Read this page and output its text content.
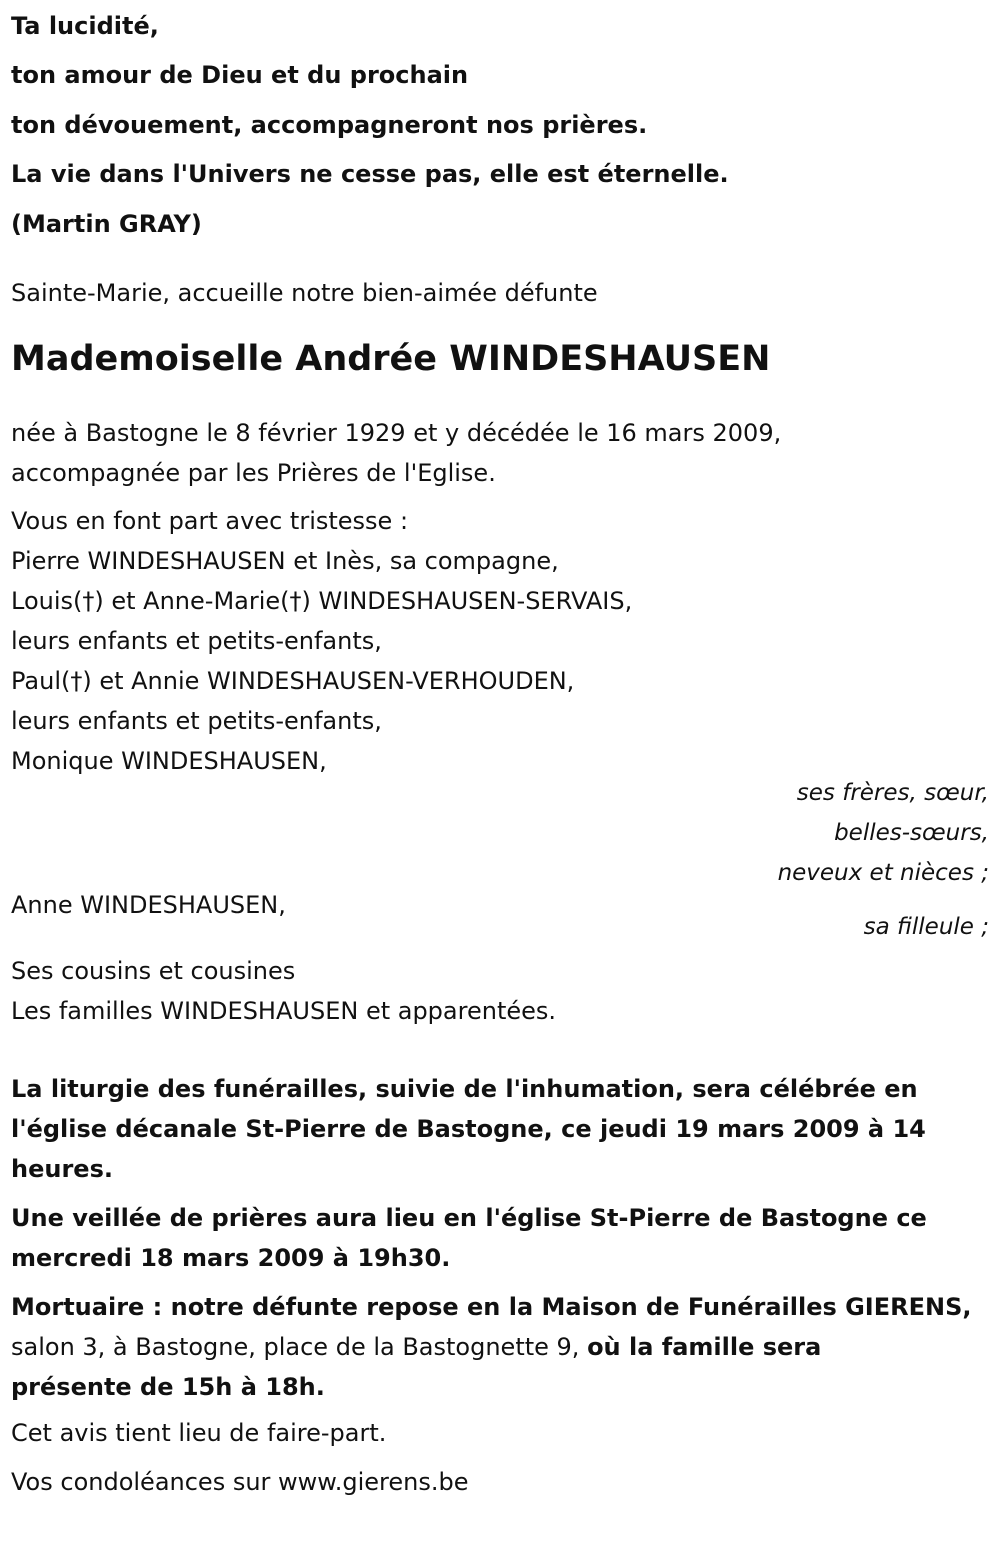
Ta lucidité,
ton amour de Dieu et du prochain
ton dévouement, accompagneront nos prières.
La vie dans l'Univers ne cesse pas, elle est éternelle.
(Martin GRAY)
Sainte-Marie, accueille notre bien-aimée défunte
Mademoiselle Andrée WINDESHAUSEN
née à Bastogne le 8 février 1929 et y décédée le 16 mars 2009,
accompagnée par les Prières de l'Eglise.
Vous en font part avec tristesse :
Pierre WINDESHAUSEN et Inès, sa compagne,
Louis(†) et Anne-Marie(†) WINDESHAUSEN-SERVAIS,
leurs enfants et petits-enfants,
Paul(†) et Annie WINDESHAUSEN-VERHOUDEN,
leurs enfants et petits-enfants,
Monique WINDESHAUSEN,
ses frères, sœur,
belles-sœurs,
neveux et nièces ;
Anne WINDESHAUSEN,
sa filleule ;
Ses cousins et cousines
Les familles WINDESHAUSEN et apparentées.
La liturgie des funérailles, suivie de l'inhumation, sera célébrée en
l'église décanale St-Pierre de Bastogne, ce jeudi 19 mars 2009 à 14
heures.
Une veillée de prières aura lieu en l'église St-Pierre de Bastogne ce
mercredi 18 mars 2009 à 19h30.
Mortuaire : notre défunte repose en la Maison de Funérailles GIERENS,
salon 3, à Bastogne, place de la Bastognette 9, où la famille sera
présente de 15h à 18h.
Cet avis tient lieu de faire-part.
Vos condoléances sur www.gierens.be
